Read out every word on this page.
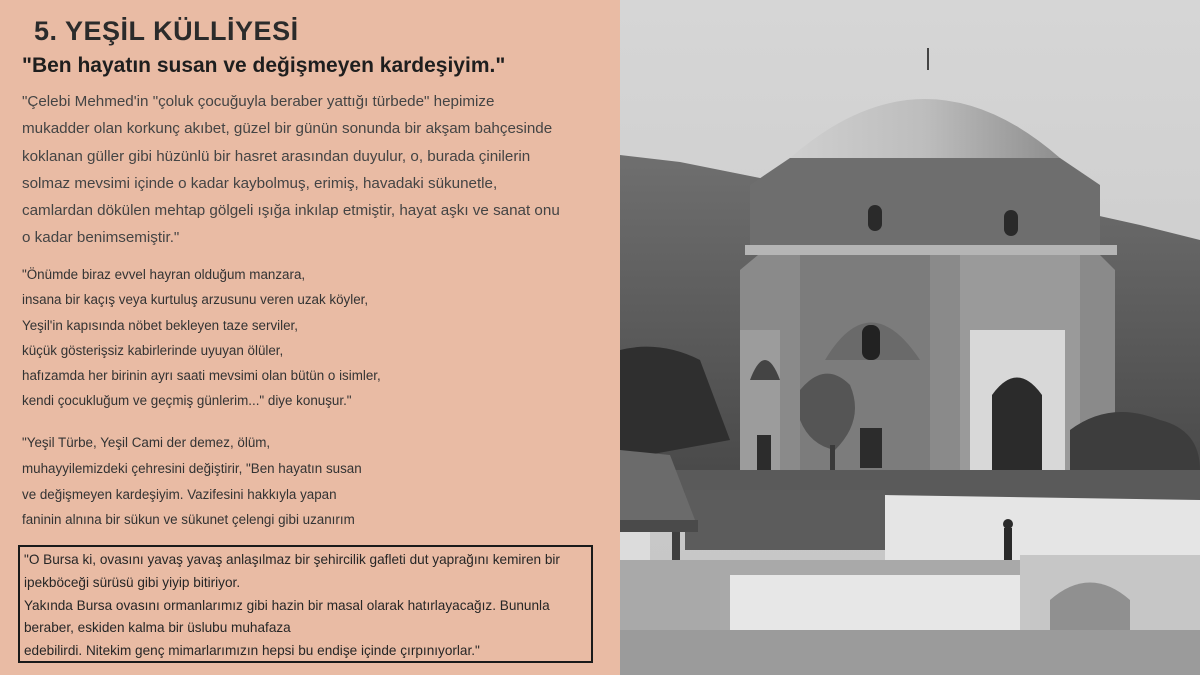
5. YEŞİL KÜLLİYESİ
"Ben hayatın susan ve değişmeyen kardeşiyim."
"Çelebi Mehmed'in "çoluk çocuğuyla beraber yattığı türbede" hepimize
mukadder olan korkunç akıbet, güzel bir günün sonunda bir akşam bahçesinde
koklanan güller gibi hüzünlü bir hasret arasından duyulur, o, burada çinilerin
solmaz mevsimi içinde o kadar kaybolmuş, erimiş, havadaki sükunetle,
camlardan dökülen mehtap gölgeli ışığa inkılap etmiştir, hayat aşkı ve sanat onu
o kadar benimsemiştir."
"Önümde biraz evvel hayran olduğum manzara,
insana bir kaçış veya kurtuluş arzusunu veren uzak köyler,
Yeşil'in kapısında nöbet bekleyen taze serviler,
küçük gösterişsiz kabirlerinde uyuyan ölüler,
hafızamda her birinin ayrı saati mevsimi olan bütün o isimler,
kendi çocukluğum ve geçmiş günlerim..." diye konuşur."
"Yeşil Türbe, Yeşil Cami der demez, ölüm,
muhayyilemizdeki çehresini değiştirir, "Ben hayatın susan
ve değişmeyen kardeşiyim. Vazifesini hakkıyla yapan
faninin alnına bir sükun ve sükunet çelengi gibi uzanırım
"O Bursa ki, ovasını yavaş yavaş anlaşılmaz bir şehircilik gafleti dut yaprağını kemiren bir
ipekböceği sürüsü gibi yiyip bitiriyor.
Yakında Bursa ovasını ormanlarımız gibi hazin bir masal olarak hatırlayacağız. Bununla
beraber, eskiden kalma bir üslubu muhafaza
edebilirdi. Nitekim genç mimarlarımızın hepsi bu endişe içinde çırpınıyorlar."
